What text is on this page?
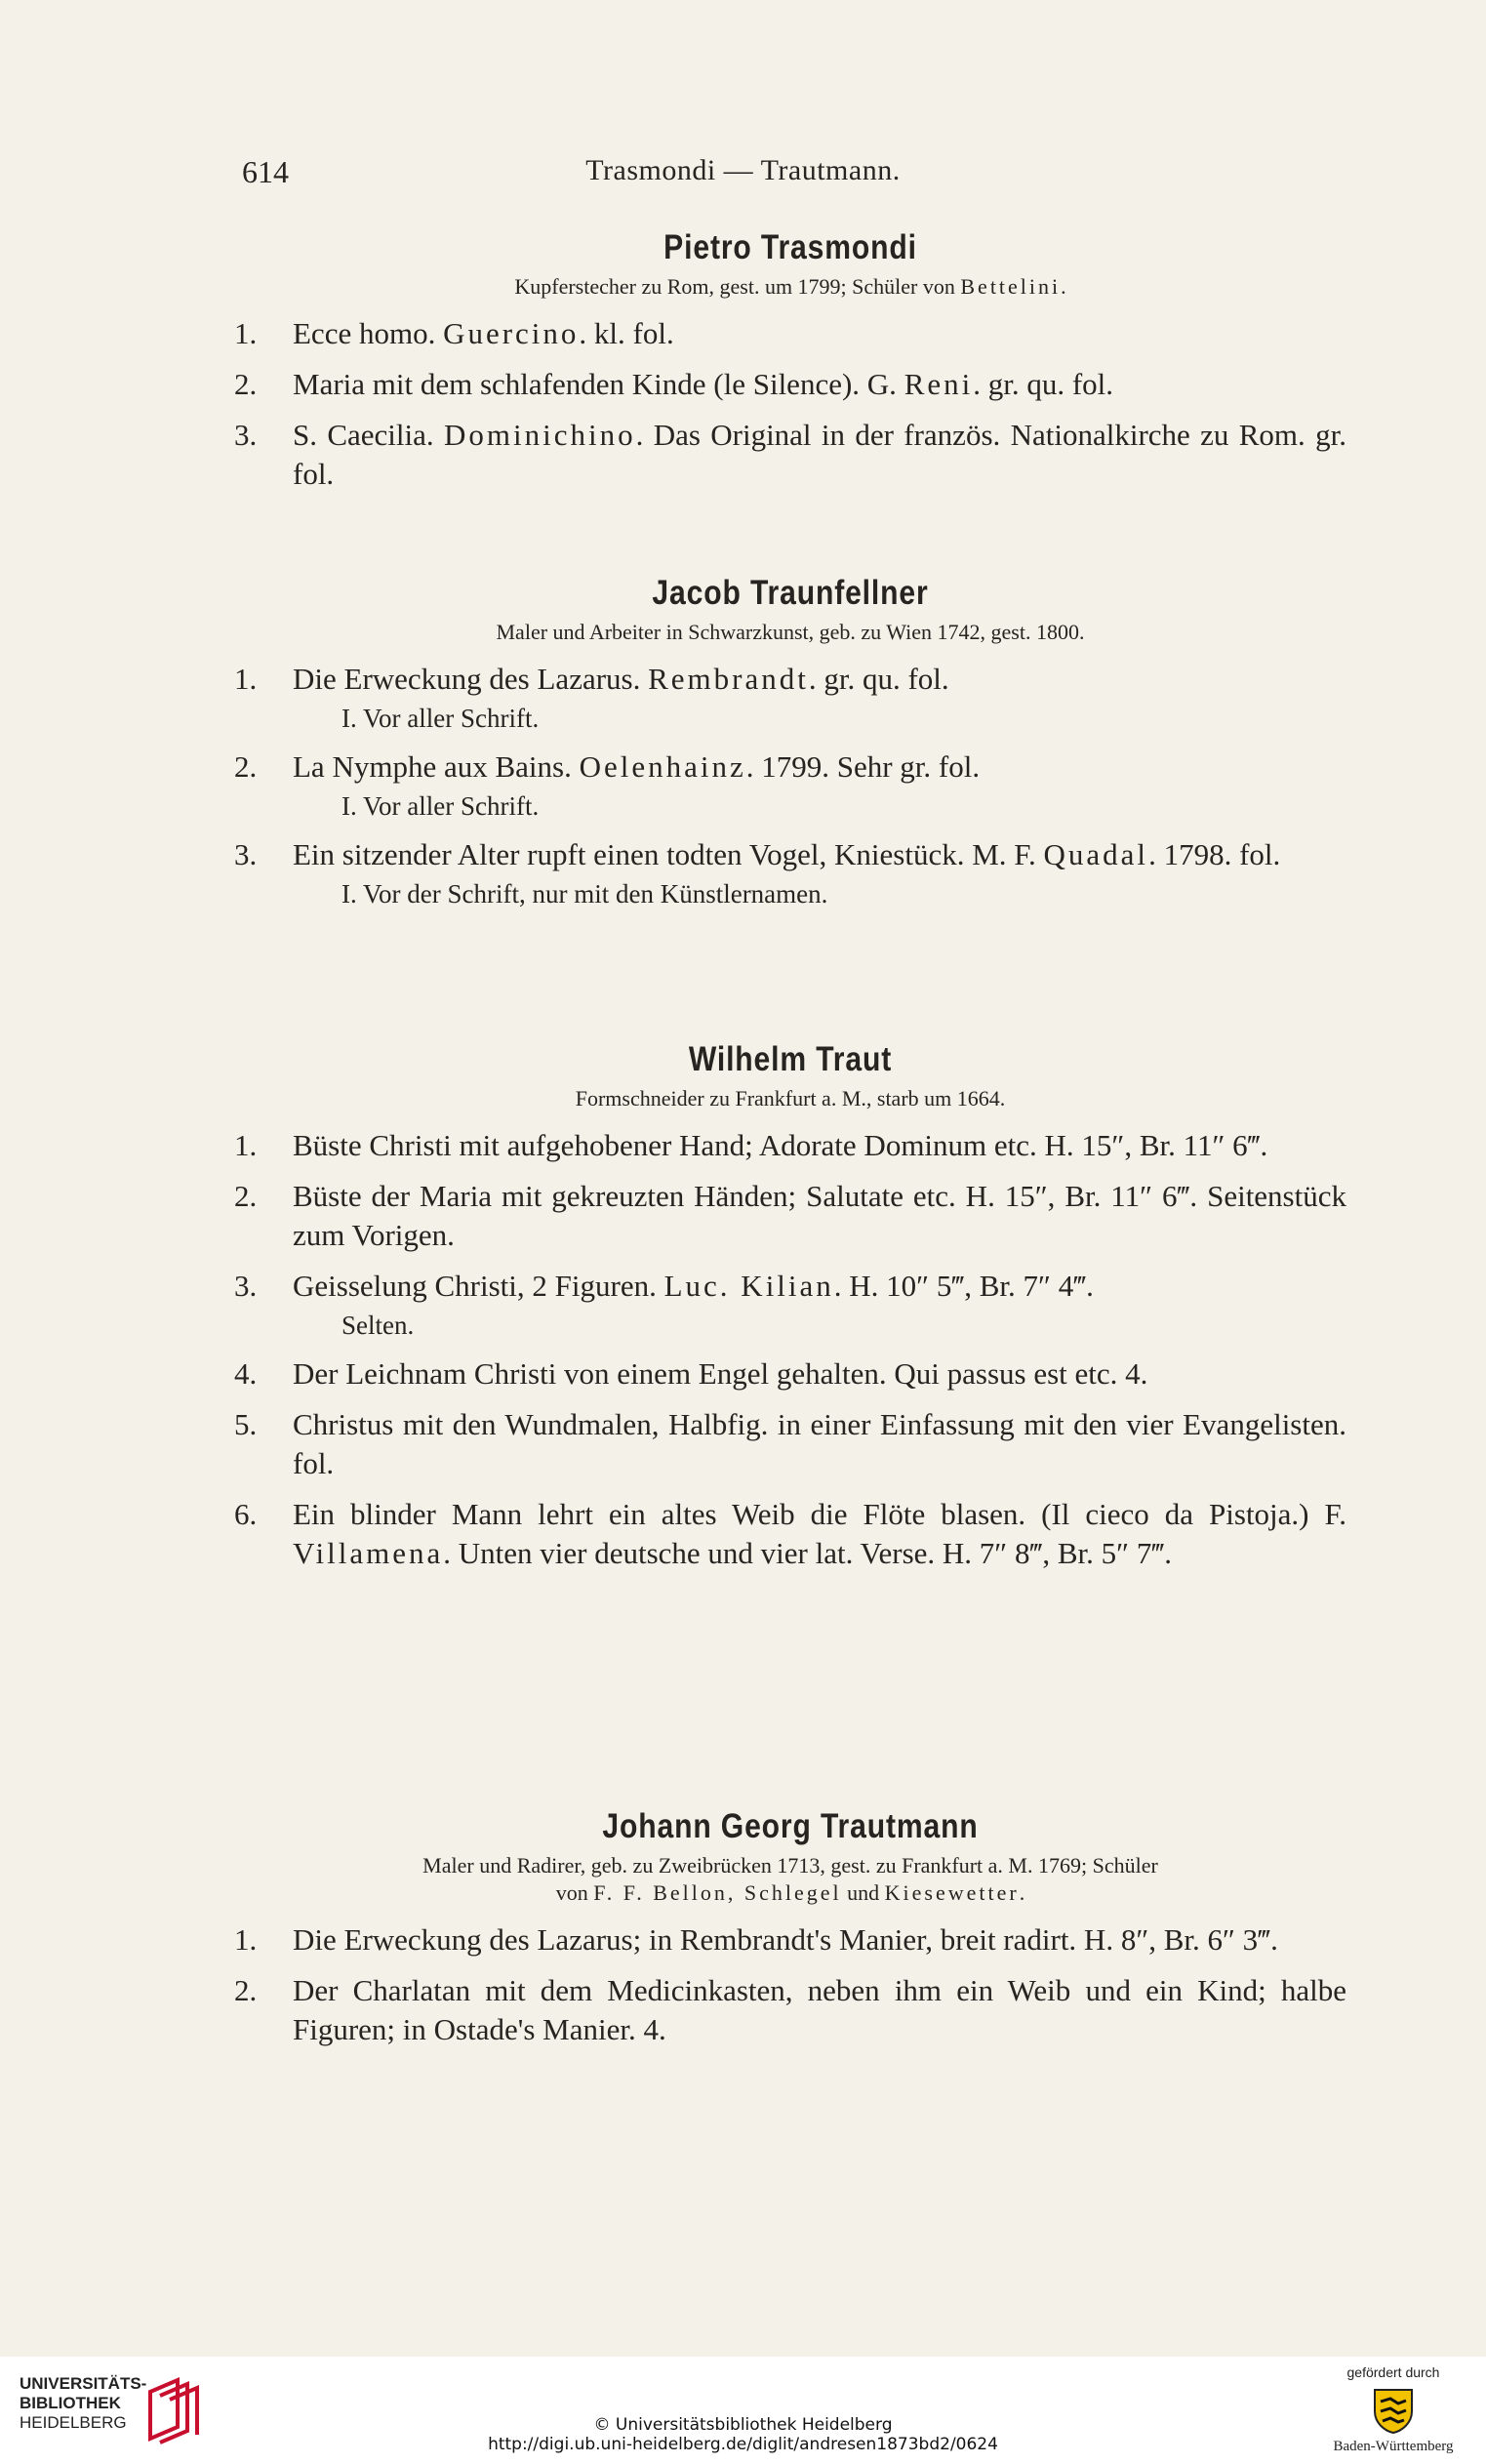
614	Trasmondi — Trautmann.
Pietro Trasmondi
Kupferstecher zu Rom, gest. um 1799; Schüler von Bettelini.
1. Ecce homo. Guercino. kl. fol.
2. Maria mit dem schlafenden Kinde (le Silence). G. Reni. gr. qu. fol.
3. S. Caecilia. Dominichino. Das Original in der französ. Nationalkirche zu Rom. gr. fol.
Jacob Traunfellner
Maler und Arbeiter in Schwarzkunst, geb. zu Wien 1742, gest. 1800.
1. Die Erweckung des Lazarus. Rembrandt. gr. qu. fol.
I. Vor aller Schrift.
2. La Nymphe aux Bains. Oelenhainz. 1799. Sehr gr. fol.
I. Vor aller Schrift.
3. Ein sitzender Alter rupft einen todten Vogel, Kniestück. M. F. Quadal. 1798. fol.
I. Vor der Schrift, nur mit den Künstlernamen.
Wilhelm Traut
Formschneider zu Frankfurt a. M., starb um 1664.
1. Büste Christi mit aufgehobener Hand; Adorate Dominum etc. H. 15″, Br. 11″ 6‴.
2. Büste der Maria mit gekreuzten Händen; Salutate etc. H. 15″, Br. 11″ 6‴. Seitenstück zum Vorigen.
3. Geisselung Christi, 2 Figuren. Luc. Kilian. H. 10″ 5‴, Br. 7″ 4‴.
Selten.
4. Der Leichnam Christi von einem Engel gehalten. Qui passus est etc. 4.
5. Christus mit den Wundmalen, Halbfig. in einer Einfassung mit den vier Evangelisten. fol.
6. Ein blinder Mann lehrt ein altes Weib die Flöte blasen. (Il cieco da Pistoja.) F. Villamena. Unten vier deutsche und vier lat. Verse. H. 7″ 8‴, Br. 5″ 7‴.
Johann Georg Trautmann
Maler und Radirer, geb. zu Zweibrücken 1713, gest. zu Frankfurt a. M. 1769; Schüler
von F. F. Bellon, Schlegel und Kiesewetter.
1. Die Erweckung des Lazarus; in Rembrandt's Manier, breit radirt. H. 8″, Br. 6″ 3‴.
2. Der Charlatan mit dem Medicinkasten, neben ihm ein Weib und ein Kind; halbe Figuren; in Ostade's Manier. 4.
UNIVERSITÄTS-
BIBLIOTHEK
HEIDELBERG	© Universitätsbibliothek Heidelberg
http://digi.ub.uni-heidelberg.de/diglit/andresen1873bd2/0624
gefördert durch
Baden-Württemberg
